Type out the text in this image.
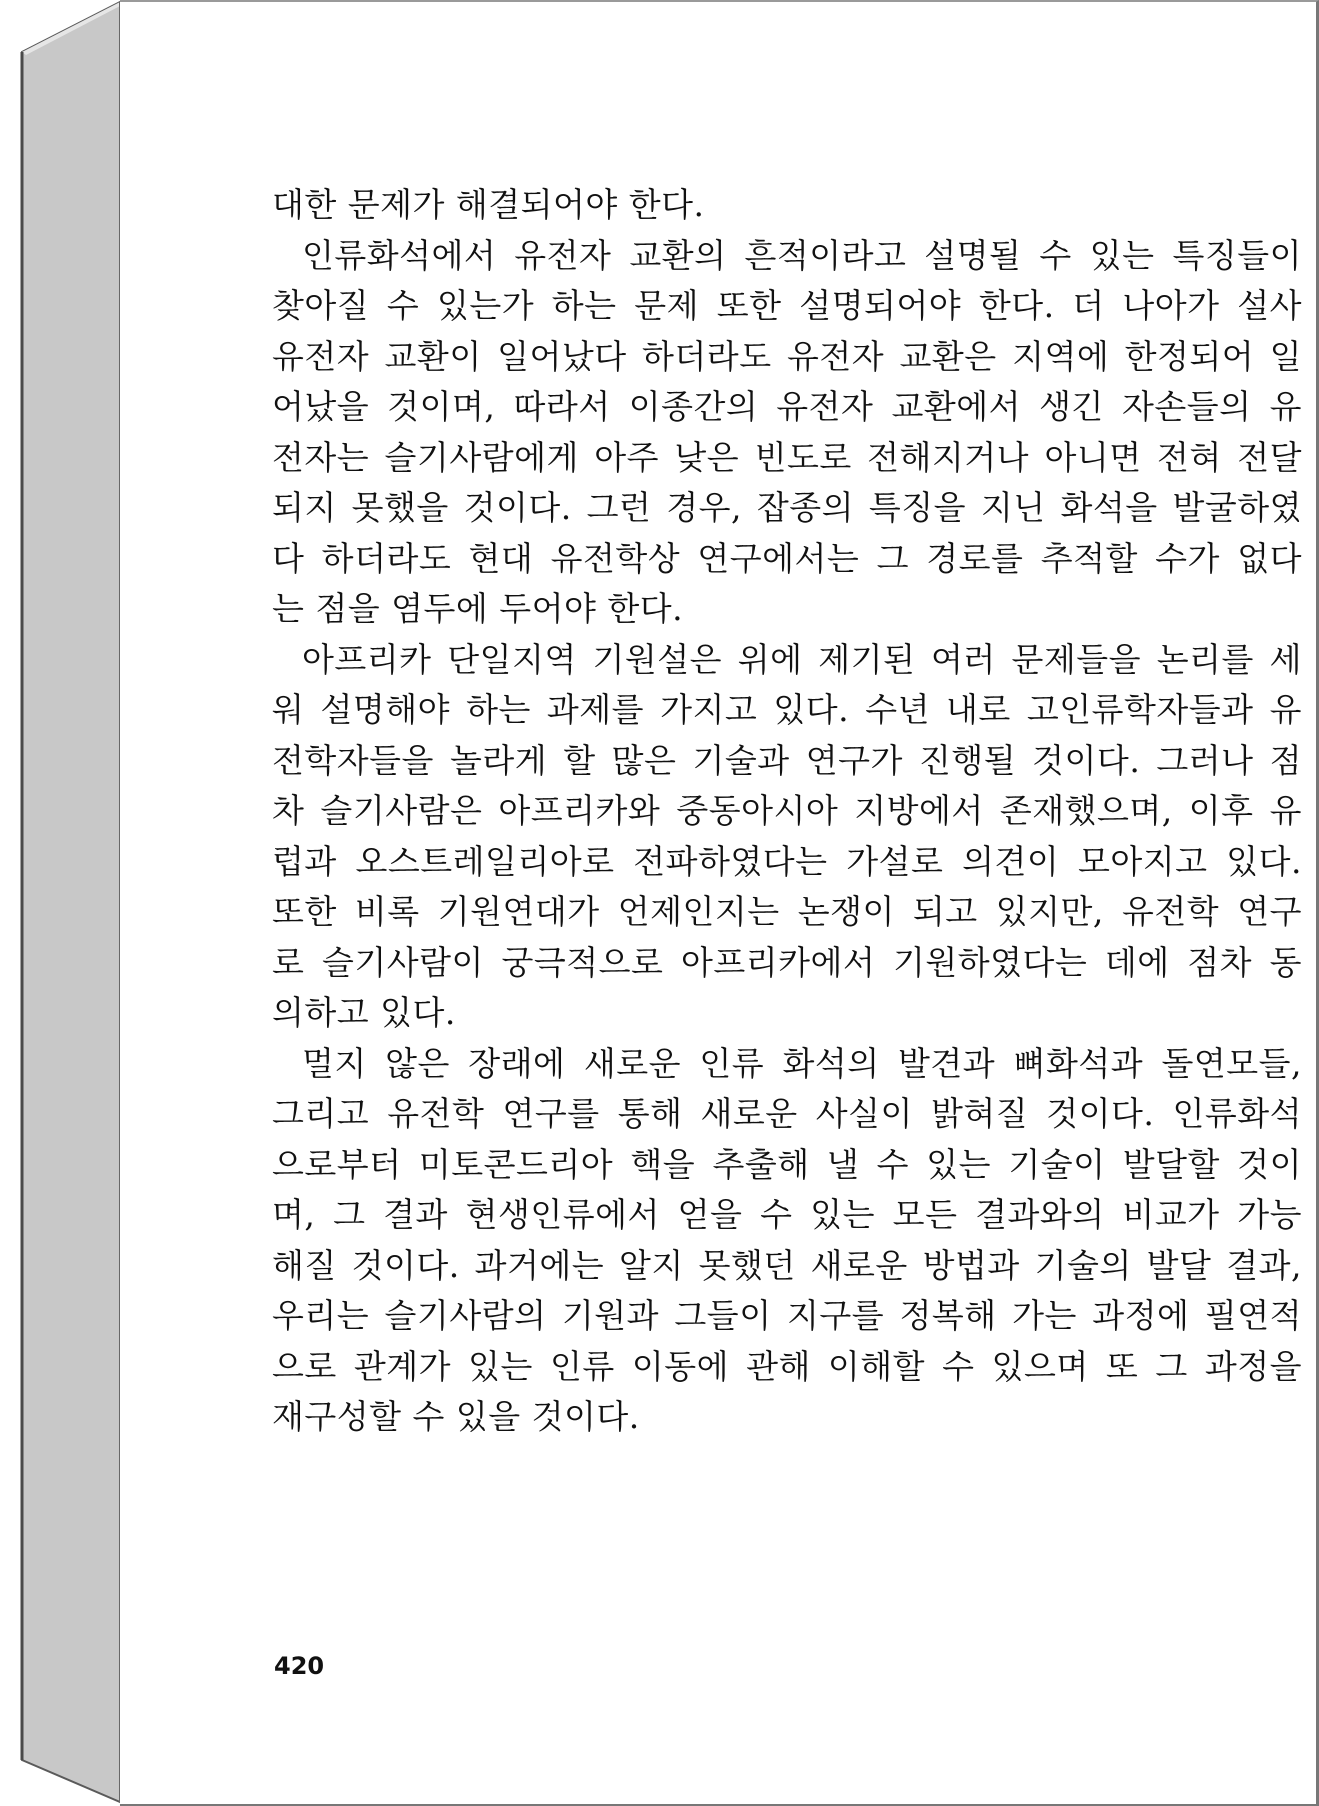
대한 문제가 해결되어야 한다.
인류화석에서 유전자 교환의 흔적이라고 설명될 수 있는 특징들이
찾아질 수 있는가 하는 문제 또한 설명되어야 한다. 더 나아가 설사
유전자 교환이 일어났다 하더라도 유전자 교환은 지역에 한정되어 일
어났을 것이며, 따라서 이종간의 유전자 교환에서 생긴 자손들의 유
전자는 슬기사람에게 아주 낮은 빈도로 전해지거나 아니면 전혀 전달
되지 못했을 것이다. 그런 경우, 잡종의 특징을 지닌 화석을 발굴하였
다 하더라도 현대 유전학상 연구에서는 그 경로를 추적할 수가 없다
는 점을 염두에 두어야 한다.
아프리카 단일지역 기원설은 위에 제기된 여러 문제들을 논리를 세
워 설명해야 하는 과제를 가지고 있다. 수년 내로 고인류학자들과 유
전학자들을 놀라게 할 많은 기술과 연구가 진행될 것이다. 그러나 점
차 슬기사람은 아프리카와 중동아시아 지방에서 존재했으며, 이후 유
럽과 오스트레일리아로 전파하였다는 가설로 의견이 모아지고 있다.
또한 비록 기원연대가 언제인지는 논쟁이 되고 있지만, 유전학 연구
로 슬기사람이 궁극적으로 아프리카에서 기원하였다는 데에 점차 동
의하고 있다.
멀지 않은 장래에 새로운 인류 화석의 발견과 뼈화석과 돌연모들,
그리고 유전학 연구를 통해 새로운 사실이 밝혀질 것이다. 인류화석
으로부터 미토콘드리아 핵을 추출해 낼 수 있는 기술이 발달할 것이
며, 그 결과 현생인류에서 얻을 수 있는 모든 결과와의 비교가 가능
해질 것이다. 과거에는 알지 못했던 새로운 방법과 기술의 발달 결과,
우리는 슬기사람의 기원과 그들이 지구를 정복해 가는 과정에 필연적
으로 관계가 있는 인류 이동에 관해 이해할 수 있으며 또 그 과정을
재구성할 수 있을 것이다.
420
